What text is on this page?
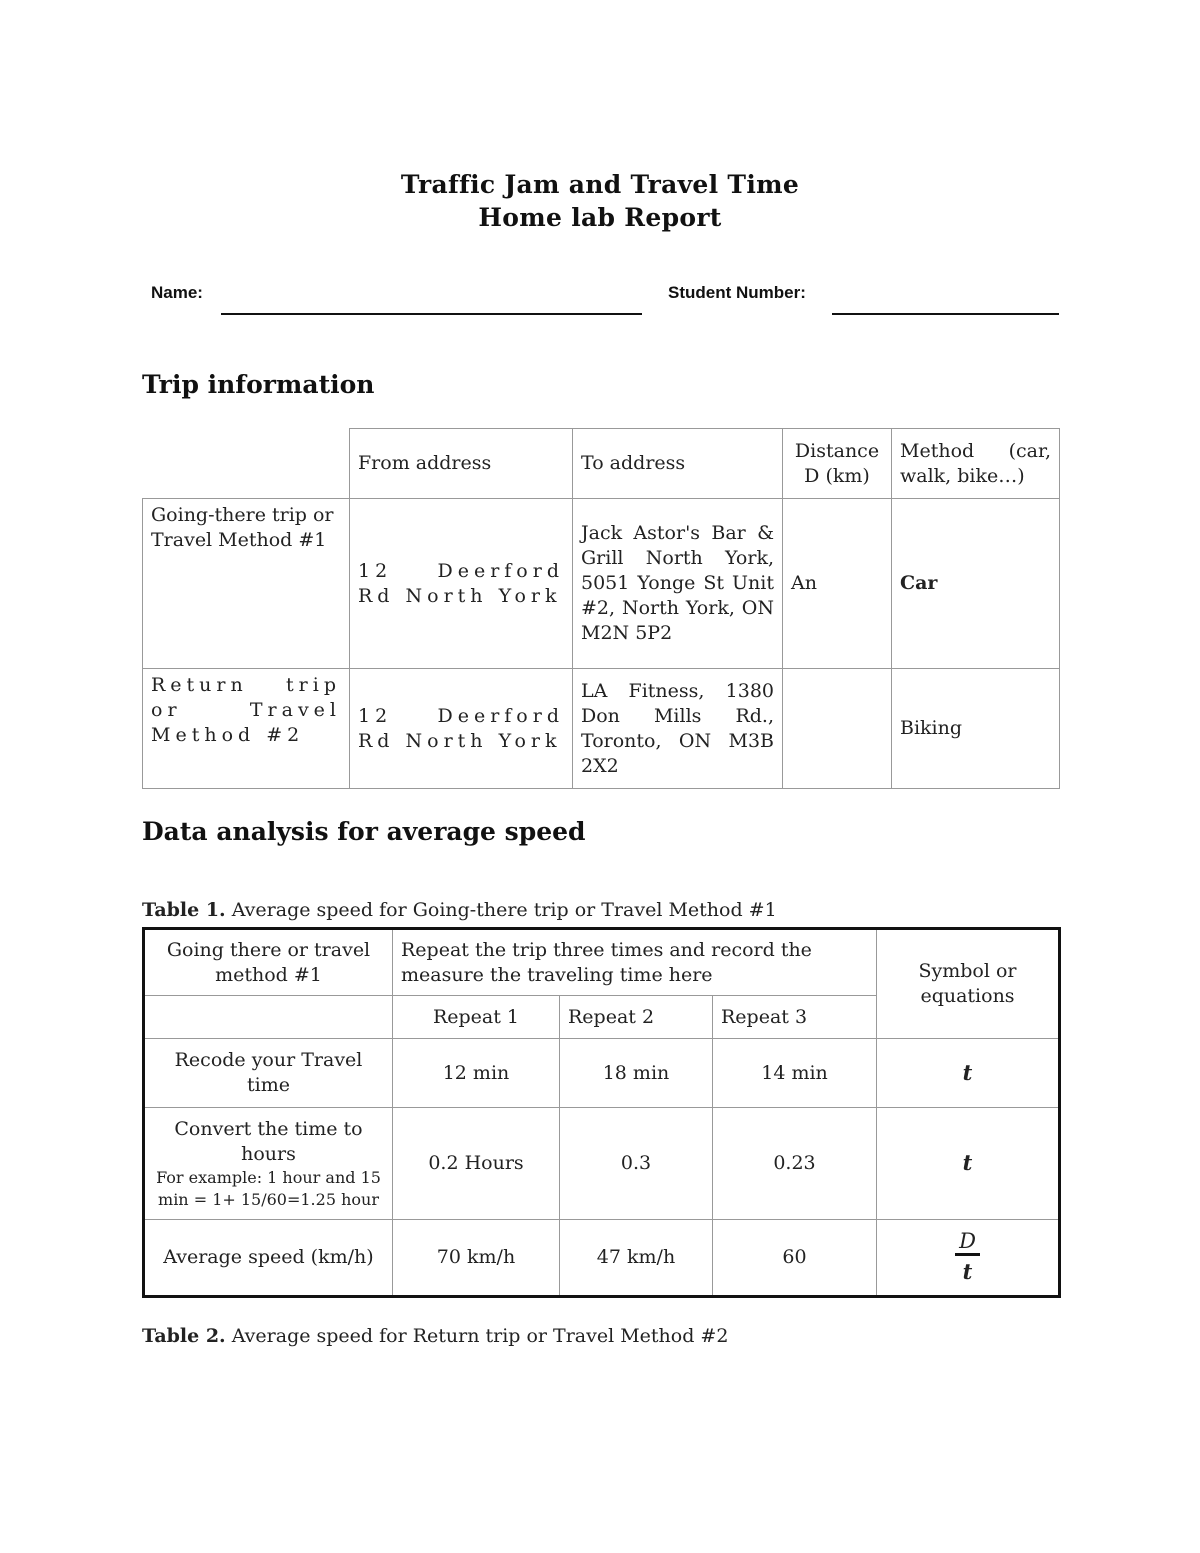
Traffic Jam and Travel Time
Home lab Report
Name:	Student Number:
Trip information
	From address	To address	Distance D (km)	Method (car, walk, bike…)
Going-there trip or Travel Method #1	12 Deerford Rd North York	Jack Astor's Bar & Grill North York, 5051 Yonge St Unit #2, North York, ON M2N 5P2	An	Car
Return trip or Travel Method #2	12 Deerford Rd North York	LA Fitness, 1380 Don Mills Rd., Toronto, ON M3B 2X2		Biking
Data analysis for average speed
Table 1. Average speed for Going-there trip or Travel Method #1
Going there or travel method #1	Repeat the trip three times and record the measure the traveling time here			Symbol or equations
	Repeat 1	Repeat 2	Repeat 3	
Recode your Travel time	12 min	18 min	14 min	t

Convert the time to hours
For example: 1 hour and 15 min = 1+ 15/60=1.25 hour	0.2 Hours	0.3	0.23	t
Average speed (km/h)	70 km/h	47 km/h	60	$\frac{D}{t}$
Table 2. Average speed for Return trip or Travel Method #2
